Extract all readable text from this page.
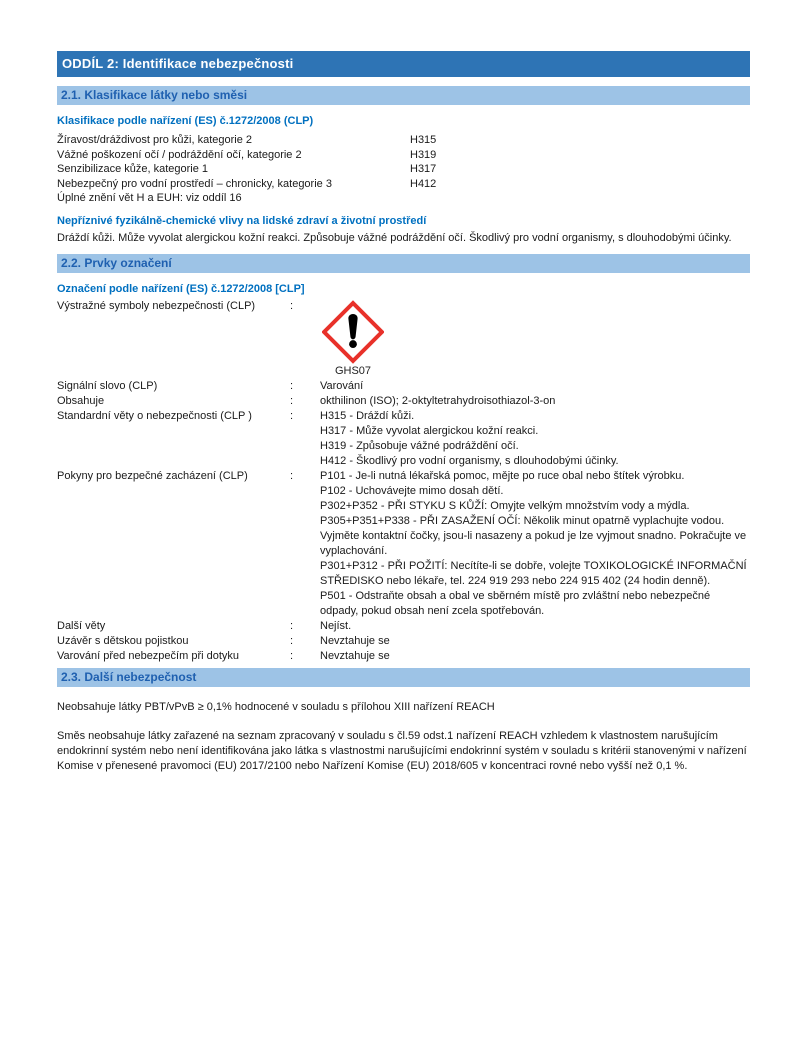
ODDÍL 2: Identifikace nebezpečnosti
2.1. Klasifikace látky nebo směsi
Klasifikace podle nařízení (ES) č.1272/2008 (CLP)
Žíravost/dráždivost pro kůži, kategorie 2	H315
Vážné poškození očí / podráždění očí, kategorie 2	H319
Senzibilizace kůže, kategorie 1	H317
Nebezpečný pro vodní prostředí – chronicky, kategorie 3	H412
Úplné znění vět H a EUH: viz oddíl 16
Nepříznivé fyzikálně-chemické vlivy na lidské zdraví a životní prostředí
Dráždí kůži. Může vyvolat alergickou kožní reakci. Způsobuje vážné podráždění očí. Škodlivý pro vodní organismy, s dlouhodobými účinky.
2.2. Prvky označení
Označení podle nařízení (ES) č.1272/2008 [CLP]
Výstražné symboly nebezpečnosti (CLP)	:
GHS07
Signální slovo (CLP)	:	Varování
Obsahuje	:	okthilinon (ISO); 2-oktyltetrahydroisothiazol-3-on
Standardní věty o nebezpečnosti (CLP )	:	H315 - Dráždí kůži.
H317 - Může vyvolat alergickou kožní reakci.
H319 - Způsobuje vážné podráždění očí.
H412 - Škodlivý pro vodní organismy, s dlouhodobými účinky.
Pokyny pro bezpečné zacházení (CLP)	:	P101 - Je-li nutná lékařská pomoc, mějte po ruce obal nebo štítek výrobku.
P102 - Uchovávejte mimo dosah dětí.
P302+P352 - PŘI STYKU S KŮŽÍ: Omyjte velkým množstvím vody a mýdla.
P305+P351+P338 - PŘI ZASAŽENÍ OČÍ: Několik minut opatrně vyplachujte vodou. Vyjměte kontaktní čočky, jsou-li nasazeny a pokud je lze vyjmout snadno. Pokračujte ve vyplachování.
P301+P312 - PŘI POŽITÍ: Necítíte-li se dobře, volejte TOXIKOLOGICKÉ INFORMAČNÍ STŘEDISKO nebo lékaře, tel. 224 919 293 nebo 224 915 402 (24 hodin denně).
P501 - Odstraňte obsah a obal ve sběrném místě pro zvláštní nebo nebezpečné odpady, pokud obsah není zcela spotřebován.
Další věty	:	Nejíst.
Uzávěr s dětskou pojistkou	:	Nevztahuje se
Varování před nebezpečím při dotyku	:	Nevztahuje se
2.3. Další nebezpečnost
Neobsahuje látky PBT/vPvB ≥ 0,1% hodnocené v souladu s přílohou XIII nařízení REACH
Směs neobsahuje látky zařazené na seznam zpracovaný v souladu s čl.59 odst.1 nařízení REACH vzhledem k vlastnostem narušujícím endokrinní systém nebo není identifikována jako látka s vlastnostmi narušujícími endokrinní systém v souladu s kritérii stanovenými v nařízení Komise v přenesené pravomoci (EU) 2017/2100 nebo Nařízení Komise (EU) 2018/605 v koncentraci rovné nebo vyšší než 0,1 %.
